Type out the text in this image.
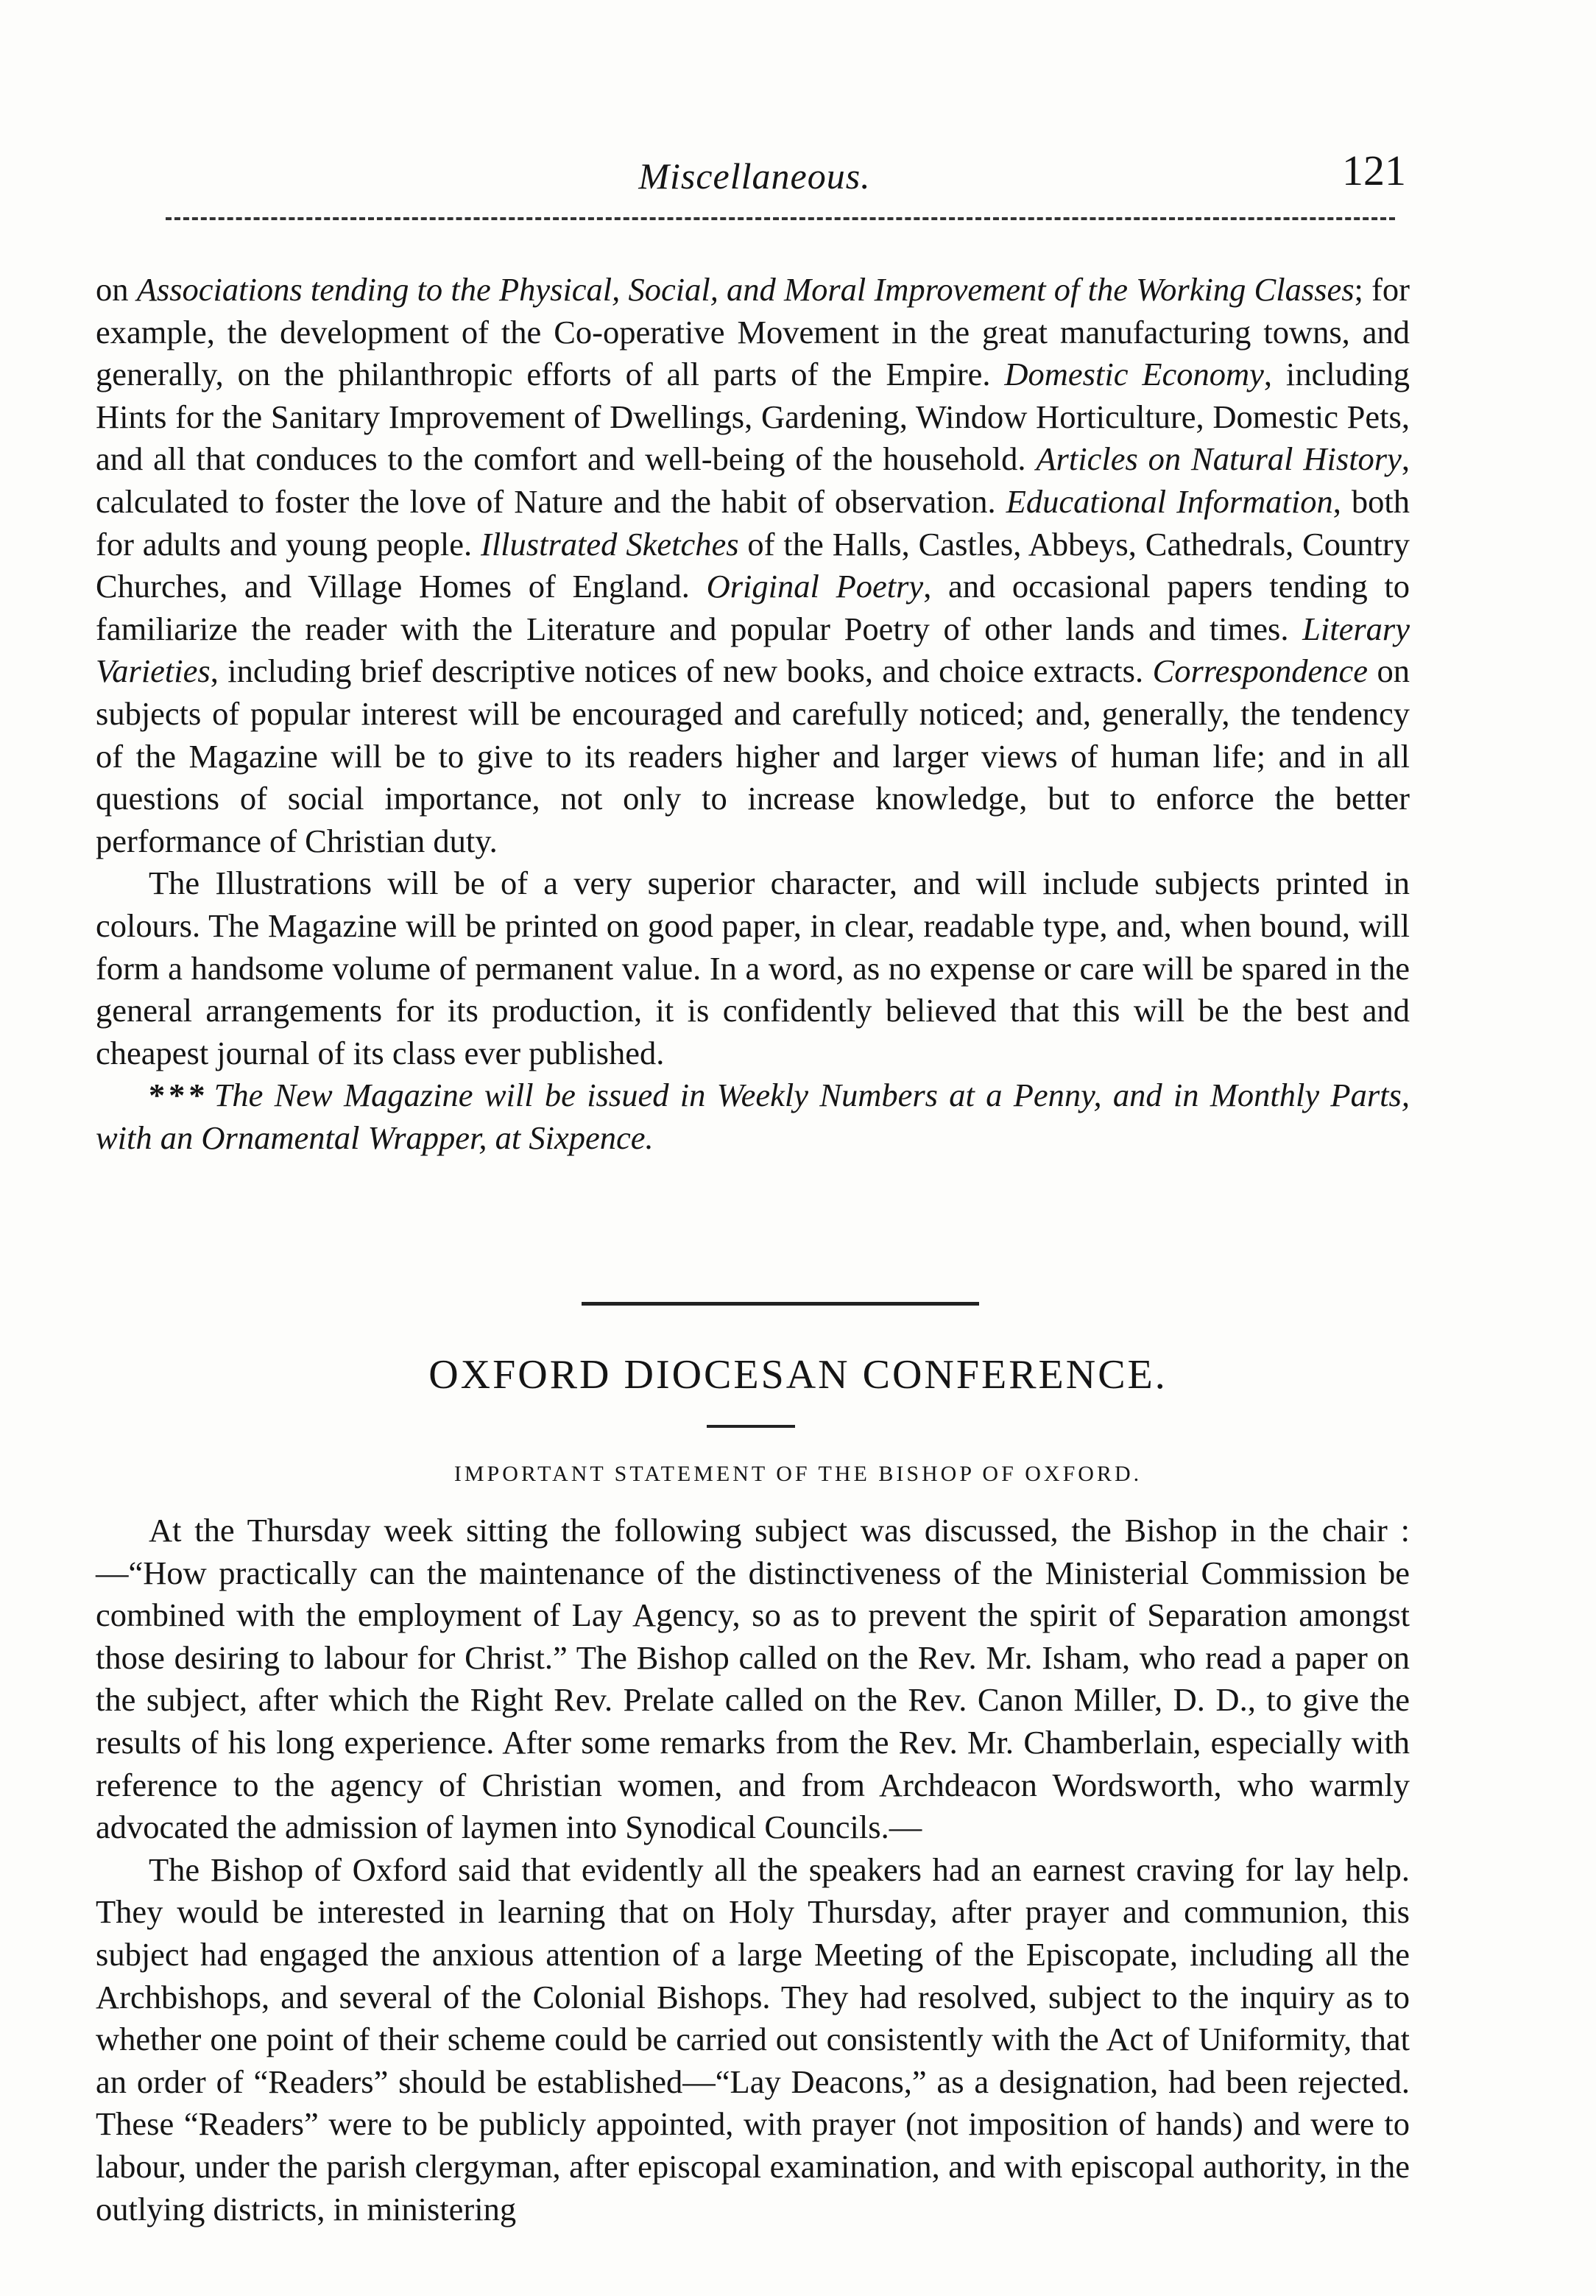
Miscellaneous.	121

on Associations tending to the Physical, Social, and Moral Improvement of the Working Classes; for example, the development of the Co-operative Movement in the great manufacturing towns, and generally, on the philanthropic efforts of all parts of the Empire. Domestic Economy, including Hints for the Sanitary Improvement of Dwellings, Gardening, Window Horticulture, Domestic Pets, and all that conduces to the comfort and well-being of the household. Articles on Natural History, calculated to foster the love of Nature and the habit of observation. Educational Information, both for adults and young people. Illustrated Sketches of the Halls, Castles, Abbeys, Cathedrals, Country Churches, and Village Homes of England. Original Poetry, and occasional papers tending to familiarize the reader with the Literature and popular Poetry of other lands and times. Literary Varieties, including brief descriptive notices of new books, and choice extracts. Correspondence on subjects of popular interest will be encouraged and carefully noticed; and, generally, the tendency of the Magazine will be to give to its readers higher and larger views of human life; and in all questions of social importance, not only to increase knowledge, but to enforce the better performance of Christian duty.

The Illustrations will be of a very superior character, and will include subjects printed in colours. The Magazine will be printed on good paper, in clear, readable type, and, when bound, will form a handsome volume of permanent value. In a word, as no expense or care will be spared in the general arrangements for its production, it is confidently believed that this will be the best and cheapest journal of its class ever published.

* * * The New Magazine will be issued in Weekly Numbers at a Penny, and in Monthly Parts, with an Ornamental Wrapper, at Sixpence.

OXFORD DIOCESAN CONFERENCE.
IMPORTANT STATEMENT OF THE BISHOP OF OXFORD.

At the Thursday week sitting the following subject was discussed, the Bishop in the chair :—“How practically can the maintenance of the distinctiveness of the Ministerial Commission be combined with the employment of Lay Agency, so as to prevent the spirit of Separation amongst those desiring to labour for Christ.” The Bishop called on the Rev. Mr. Isham, who read a paper on the subject, after which the Right Rev. Prelate called on the Rev. Canon Miller, D. D., to give the results of his long experience. After some remarks from the Rev. Mr. Chamberlain, especially with reference to the agency of Christian women, and from Archdeacon Wordsworth, who warmly advocated the admission of laymen into Synodical Councils.—

The Bishop of Oxford said that evidently all the speakers had an earnest craving for lay help. They would be interested in learning that on Holy Thursday, after prayer and communion, this subject had engaged the anxious attention of a large Meeting of the Episcopate, including all the Archbishops, and several of the Colonial Bishops. They had resolved, subject to the inquiry as to whether one point of their scheme could be carried out consistently with the Act of Uniformity, that an order of “Readers” should be established—“Lay Deacons,” as a designation, had been rejected. These “Readers” were to be publicly appointed, with prayer (not imposition of hands) and were to labour, under the parish clergyman, after episcopal examination, and with episcopal authority, in the outlying districts, in ministering
